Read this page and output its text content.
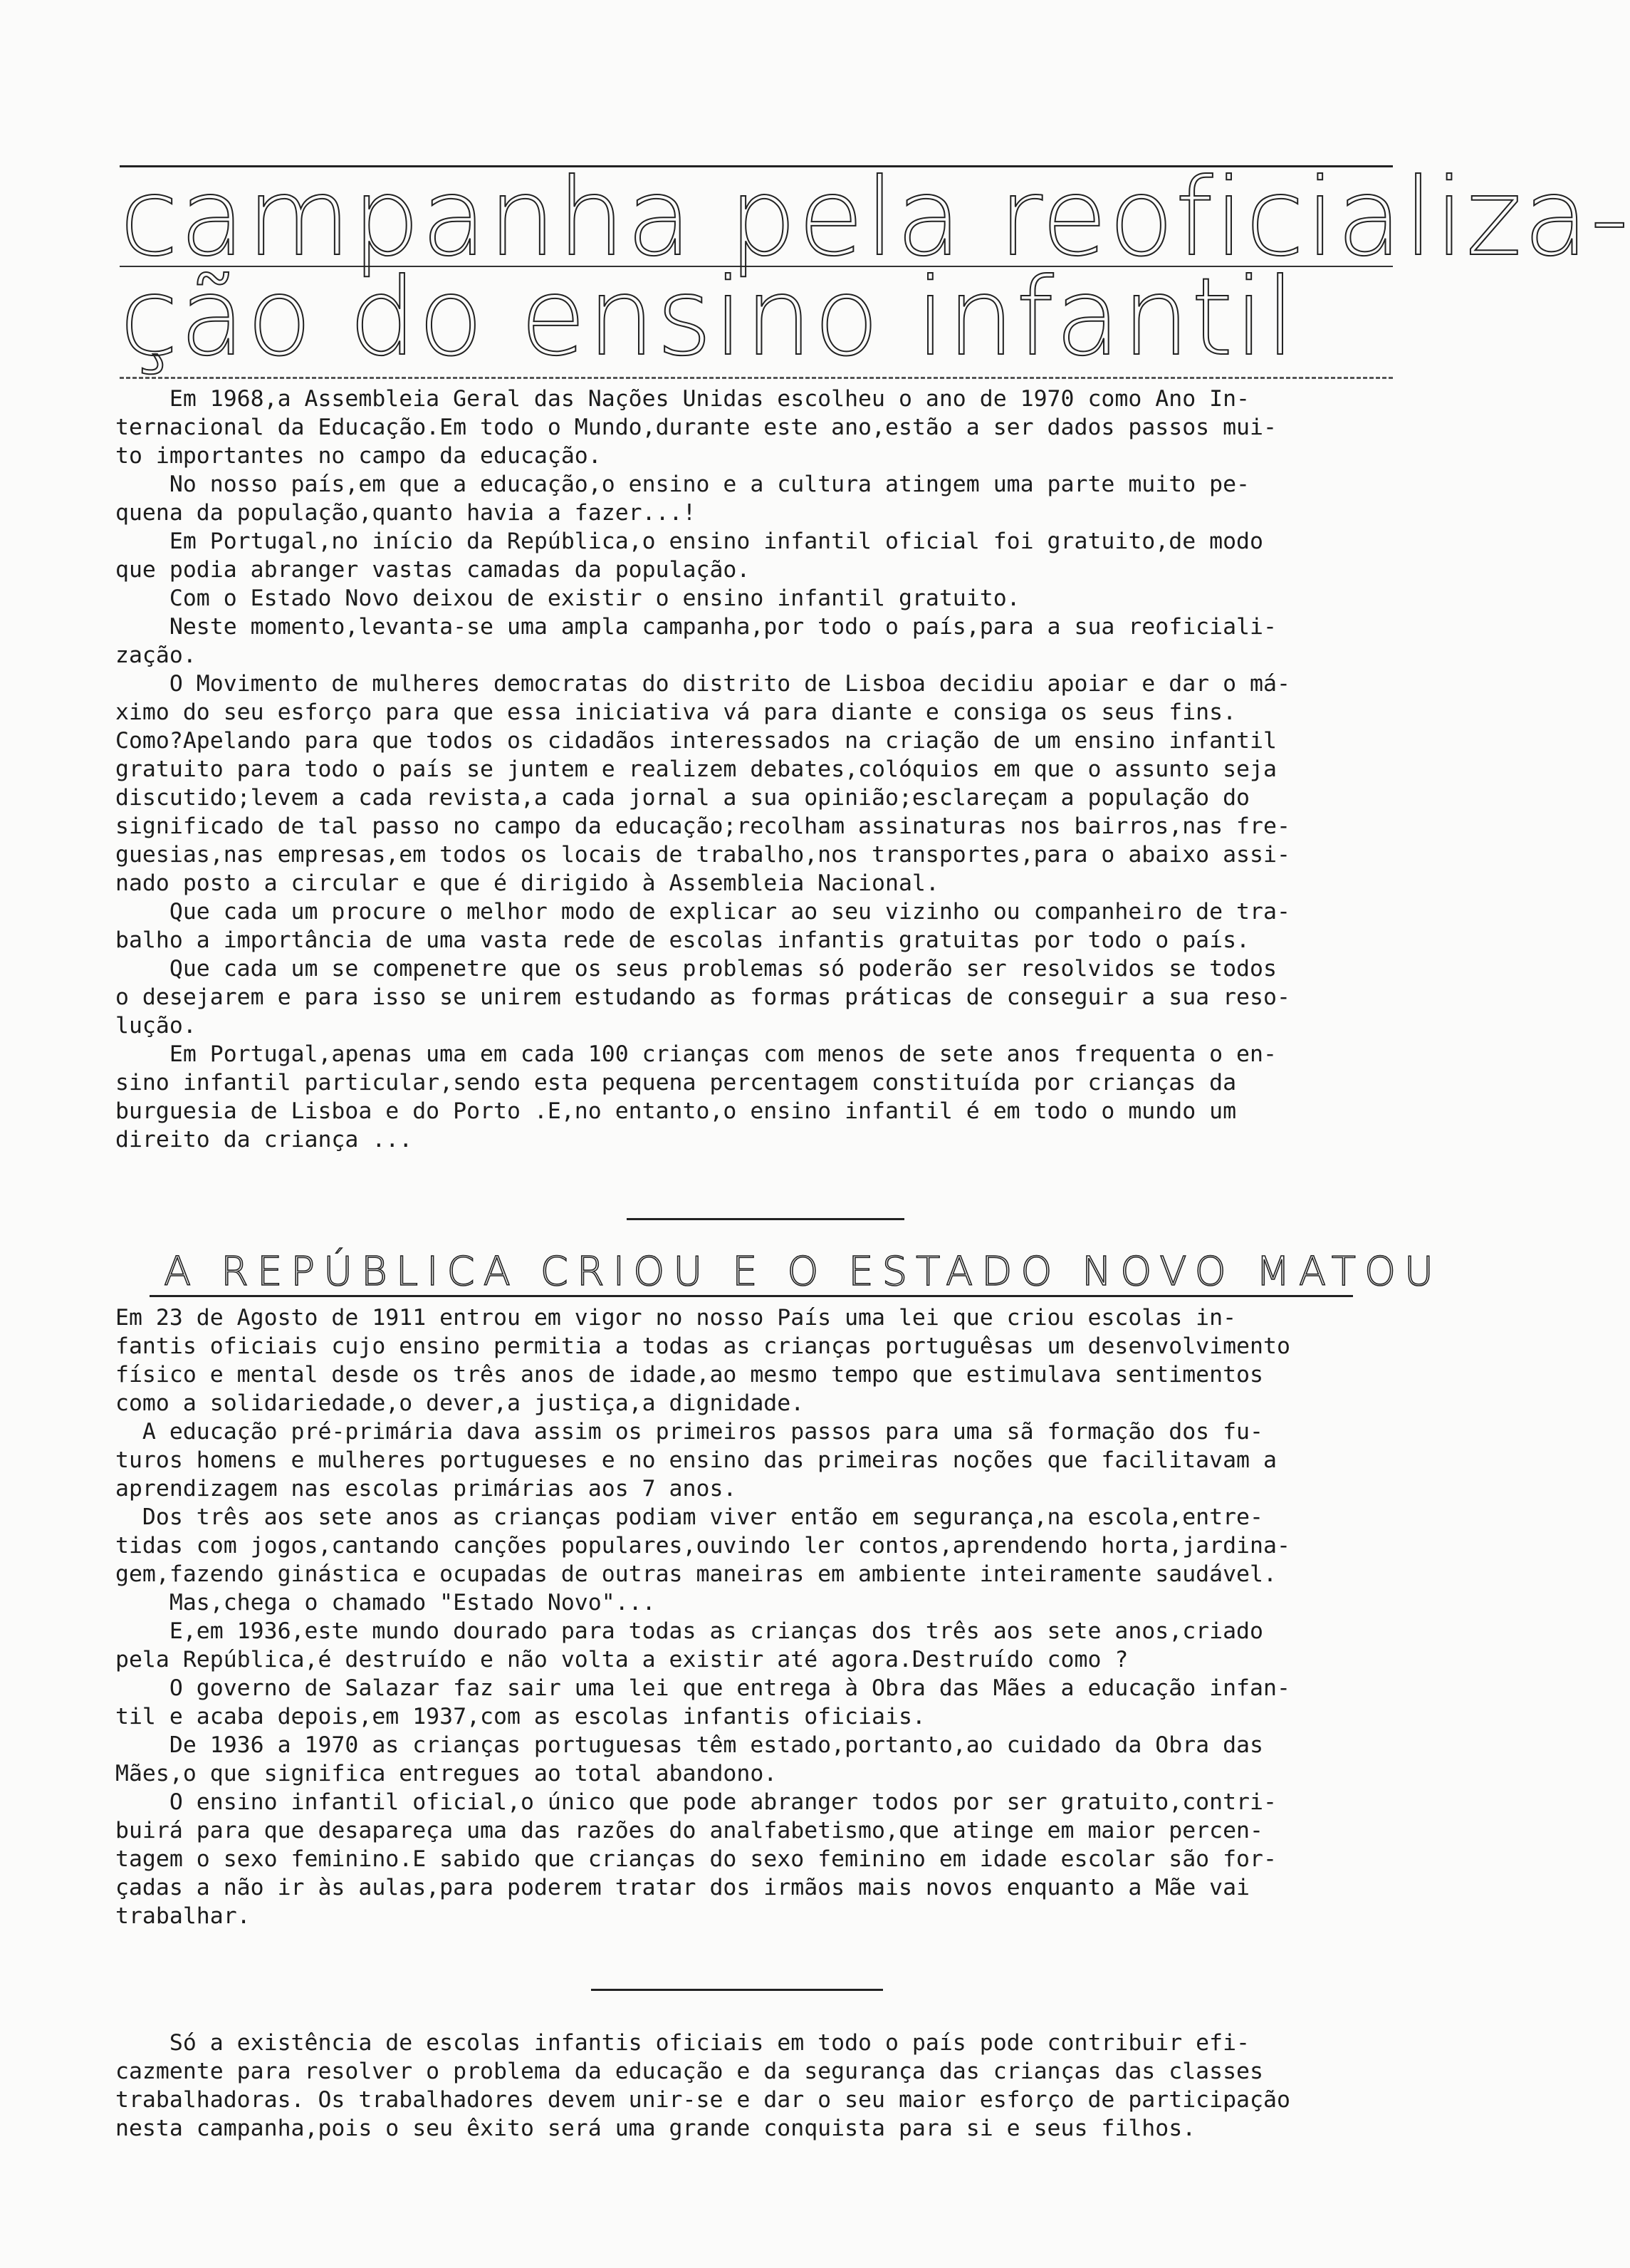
campanha pela reoficializa-
ção do ensino infantil
Em 1968,a Assembleia Geral das Nações Unidas escolheu o ano de 1970 como Ano In-
ternacional da Educação.Em todo o Mundo,durante este ano,estão a ser dados passos mui-
to importantes no campo da educação.
No nosso país,em que a educação,o ensino e a cultura atingem uma parte muito pe-
quena da população,quanto havia a fazer...!
Em Portugal,no início da República,o ensino infantil oficial foi gratuito,de modo
que podia abranger vastas camadas da população.
Com o Estado Novo deixou de existir o ensino infantil gratuito.
Neste momento,levanta-se uma ampla campanha,por todo o país,para a sua reoficiali-
zação.
O Movimento de mulheres democratas do distrito de Lisboa decidiu apoiar e dar o má-
ximo do seu esforço para que essa iniciativa vá para diante e consiga os seus fins.
Como?Apelando para que todos os cidadãos interessados na criação de um ensino infantil
gratuito para todo o país se juntem e realizem debates,colóquios em que o assunto seja
discutido;levem a cada revista,a cada jornal a sua opinião;esclareçam a população do
significado de tal passo no campo da educação;recolham assinaturas nos bairros,nas fre-
guesias,nas empresas,em todos os locais de trabalho,nos transportes,para o abaixo assi-
nado posto a circular e que é dirigido à Assembleia Nacional.
Que cada um procure o melhor modo de explicar ao seu vizinho ou companheiro de tra-
balho a importância de uma vasta rede de escolas infantis gratuitas por todo o país.
Que cada um se compenetre que os seus problemas só poderão ser resolvidos se todos
o desejarem e para isso se unirem estudando as formas práticas de conseguir a sua reso-
lução.
Em Portugal,apenas uma em cada 100 crianças com menos de sete anos frequenta o en-
sino infantil particular,sendo esta pequena percentagem constituída por crianças da
burguesia de Lisboa e do Porto .E,no entanto,o ensino infantil é em todo o mundo um
direito da criança ...
A REPÚBLICA CRIOU E O ESTADO NOVO MATOU
Em 23 de Agosto de 1911 entrou em vigor no nosso País uma lei que criou escolas in-
fantis oficiais cujo ensino permitia a todas as crianças portuguêsas um desenvolvimento
físico e mental desde os três anos de idade,ao mesmo tempo que estimulava sentimentos
como a solidariedade,o dever,a justiça,a dignidade.
A educação pré-primária dava assim os primeiros passos para uma sã formação dos fu-
turos homens e mulheres portugueses e no ensino das primeiras noções que facilitavam a
aprendizagem nas escolas primárias aos 7 anos.
Dos três aos sete anos as crianças podiam viver então em segurança,na escola,entre-
tidas com jogos,cantando canções populares,ouvindo ler contos,aprendendo horta,jardina-
gem,fazendo ginástica e ocupadas de outras maneiras em ambiente inteiramente saudável.
Mas,chega o chamado "Estado Novo"...
E,em 1936,este mundo dourado para todas as crianças dos três aos sete anos,criado
pela República,é destruído e não volta a existir até agora.Destruído como ?
O governo de Salazar faz sair uma lei que entrega à Obra das Mães a educação infan-
til e acaba depois,em 1937,com as escolas infantis oficiais.
De 1936 a 1970 as crianças portuguesas têm estado,portanto,ao cuidado da Obra das
Mães,o que significa entregues ao total abandono.
O ensino infantil oficial,o único que pode abranger todos por ser gratuito,contri-
buirá para que desapareça uma das razões do analfabetismo,que atinge em maior percen-
tagem o sexo feminino.E sabido que crianças do sexo feminino em idade escolar são for-
çadas a não ir às aulas,para poderem tratar dos irmãos mais novos enquanto a Mãe vai
trabalhar.
Só a existência de escolas infantis oficiais em todo o país pode contribuir efi-
cazmente para resolver o problema da educação e da segurança das crianças das classes
trabalhadoras. Os trabalhadores devem unir-se e dar o seu maior esforço de participação
nesta campanha,pois o seu êxito será uma grande conquista para si e seus filhos.
